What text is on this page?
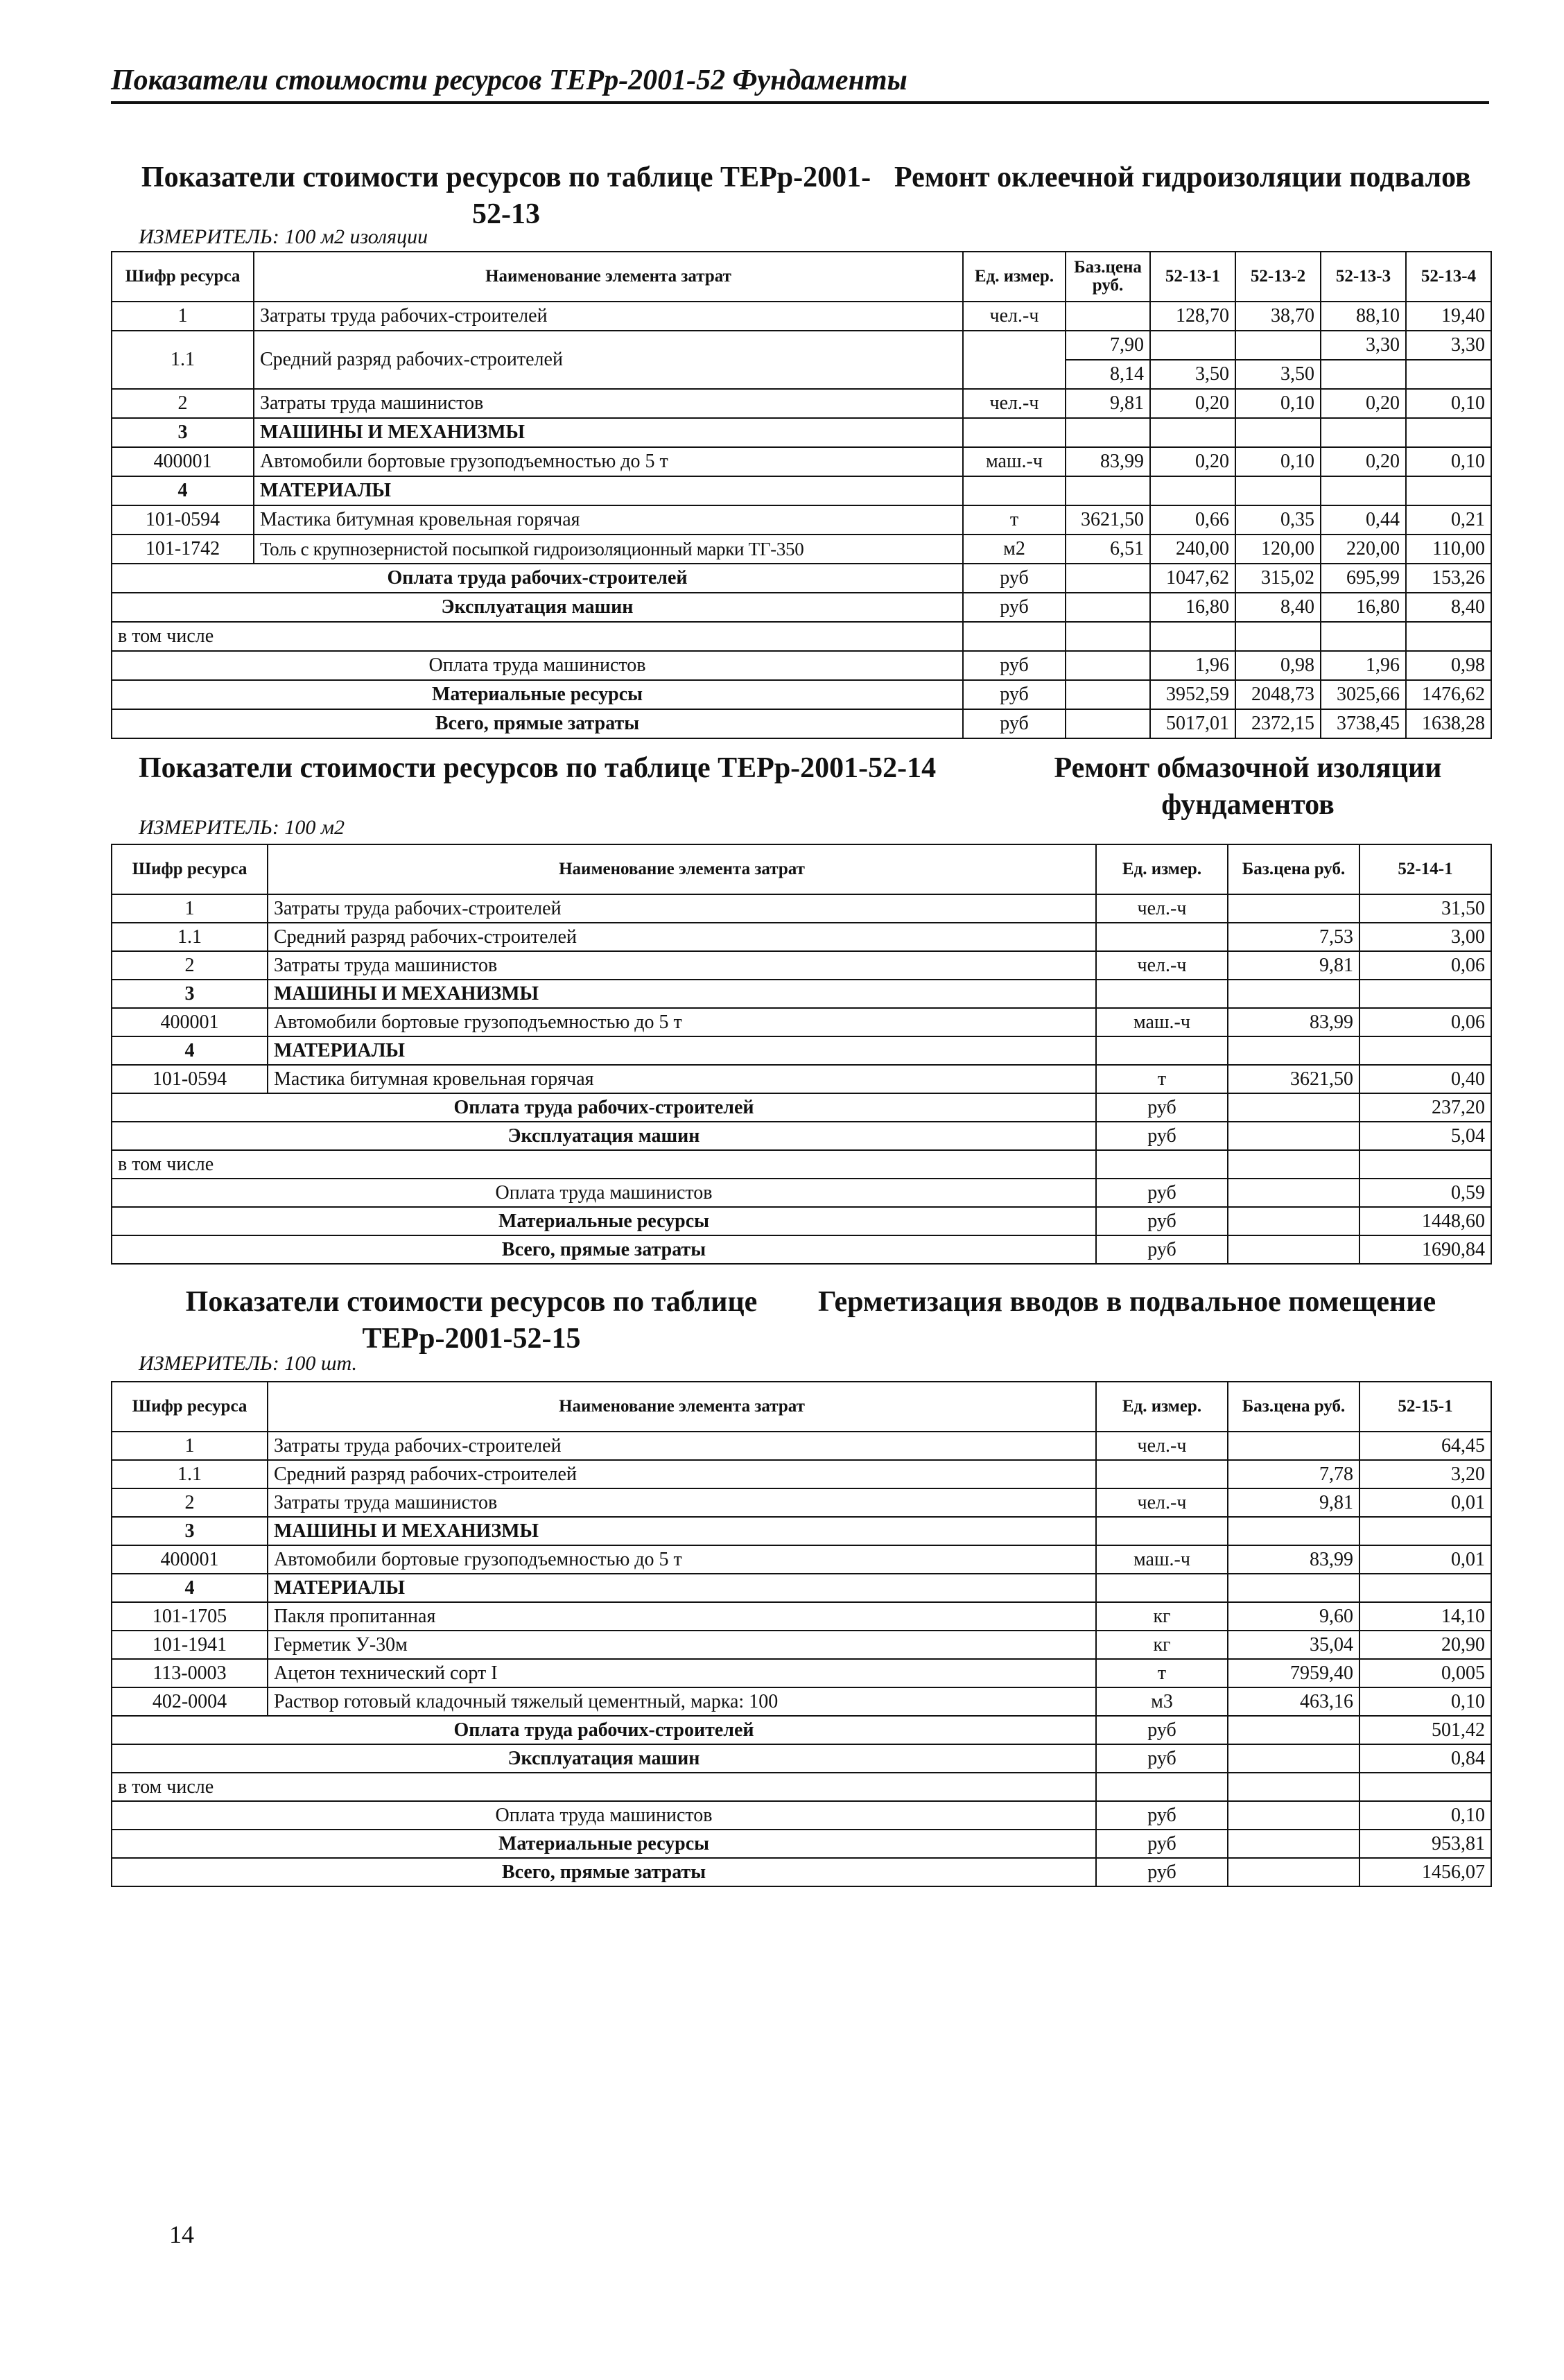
Показатели стоимости ресурсов ТЕРр-2001-52 Фундаменты
Показатели стоимости ресурсов по таблице ТЕРр-2001-
52-13
Ремонт оклеечной гидроизоляции подвалов
ИЗМЕРИТЕЛЬ: 100 м2 изоляции
Шифр ресурса	Наименование элемента затрат	Ед. измер.	Баз.цена руб.	52-13-1	52-13-2	52-13-3	52-13-4
1	Затраты труда рабочих-строителей	чел.-ч		128,70	38,70	88,10	19,40
1.1	Средний разряд рабочих-строителей		7,90			3,30	3,30
			8,14	3,50	3,50		
2	Затраты труда машинистов	чел.-ч	9,81	0,20	0,10	0,20	0,10
3	МАШИНЫ И МЕХАНИЗМЫ						
400001	Автомобили бортовые грузоподъемностью до 5 т	маш.-ч	83,99	0,20	0,10	0,20	0,10
4	МАТЕРИАЛЫ						
101-0594	Мастика битумная кровельная горячая	т	3621,50	0,66	0,35	0,44	0,21
101-1742	Толь с крупнозернистой посыпкой гидроизоляционный марки ТГ-350	м2	6,51	240,00	120,00	220,00	110,00
Оплата труда рабочих-строителей		руб		1047,62	315,02	695,99	153,26
Эксплуатация машин		руб		16,80	8,40	16,80	8,40
в том числе							
Оплата труда машинистов		руб		1,96	0,98	1,96	0,98
Материальные ресурсы		руб		3952,59	2048,73	3025,66	1476,62
Всего, прямые затраты		руб		5017,01	2372,15	3738,45	1638,28
Показатели стоимости ресурсов по таблице ТЕРр-2001-52-14	Ремонт обмазочной изоляции
фундаментов
ИЗМЕРИТЕЛЬ: 100 м2
Шифр ресурса	Наименование элемента затрат	Ед. измер.	Баз.цена руб.	52-14-1
1	Затраты труда рабочих-строителей	чел.-ч		31,50
1.1	Средний разряд рабочих-строителей		7,53	3,00
2	Затраты труда машинистов	чел.-ч	9,81	0,06
3	МАШИНЫ И МЕХАНИЗМЫ			
400001	Автомобили бортовые грузоподъемностью до 5 т	маш.-ч	83,99	0,06
4	МАТЕРИАЛЫ			
101-0594	Мастика битумная кровельная горячая	т	3621,50	0,40
Оплата труда рабочих-строителей		руб		237,20
Эксплуатация машин		руб		5,04
в том числе				
Оплата труда машинистов		руб		0,59
Материальные ресурсы		руб		1448,60
Всего, прямые затраты		руб		1690,84
Показатели стоимости ресурсов по таблице
ТЕРр-2001-52-15
Герметизация вводов в подвальное помещение
ИЗМЕРИТЕЛЬ: 100 шт.
Шифр ресурса	Наименование элемента затрат	Ед. измер.	Баз.цена руб.	52-15-1
1	Затраты труда рабочих-строителей	чел.-ч		64,45
1.1	Средний разряд рабочих-строителей		7,78	3,20
2	Затраты труда машинистов	чел.-ч	9,81	0,01
3	МАШИНЫ И МЕХАНИЗМЫ			
400001	Автомобили бортовые грузоподъемностью до 5 т	маш.-ч	83,99	0,01
4	МАТЕРИАЛЫ			
101-1705	Пакля пропитанная	кг	9,60	14,10
101-1941	Герметик У-30м	кг	35,04	20,90
113-0003	Ацетон технический сорт I	т	7959,40	0,005
402-0004	Раствор готовый кладочный тяжелый цементный, марка: 100	м3	463,16	0,10
Оплата труда рабочих-строителей		руб		501,42
Эксплуатация машин		руб		0,84
в том числе				
Оплата труда машинистов		руб		0,10
Материальные ресурсы		руб		953,81
Всего, прямые затраты		руб		1456,07
14
